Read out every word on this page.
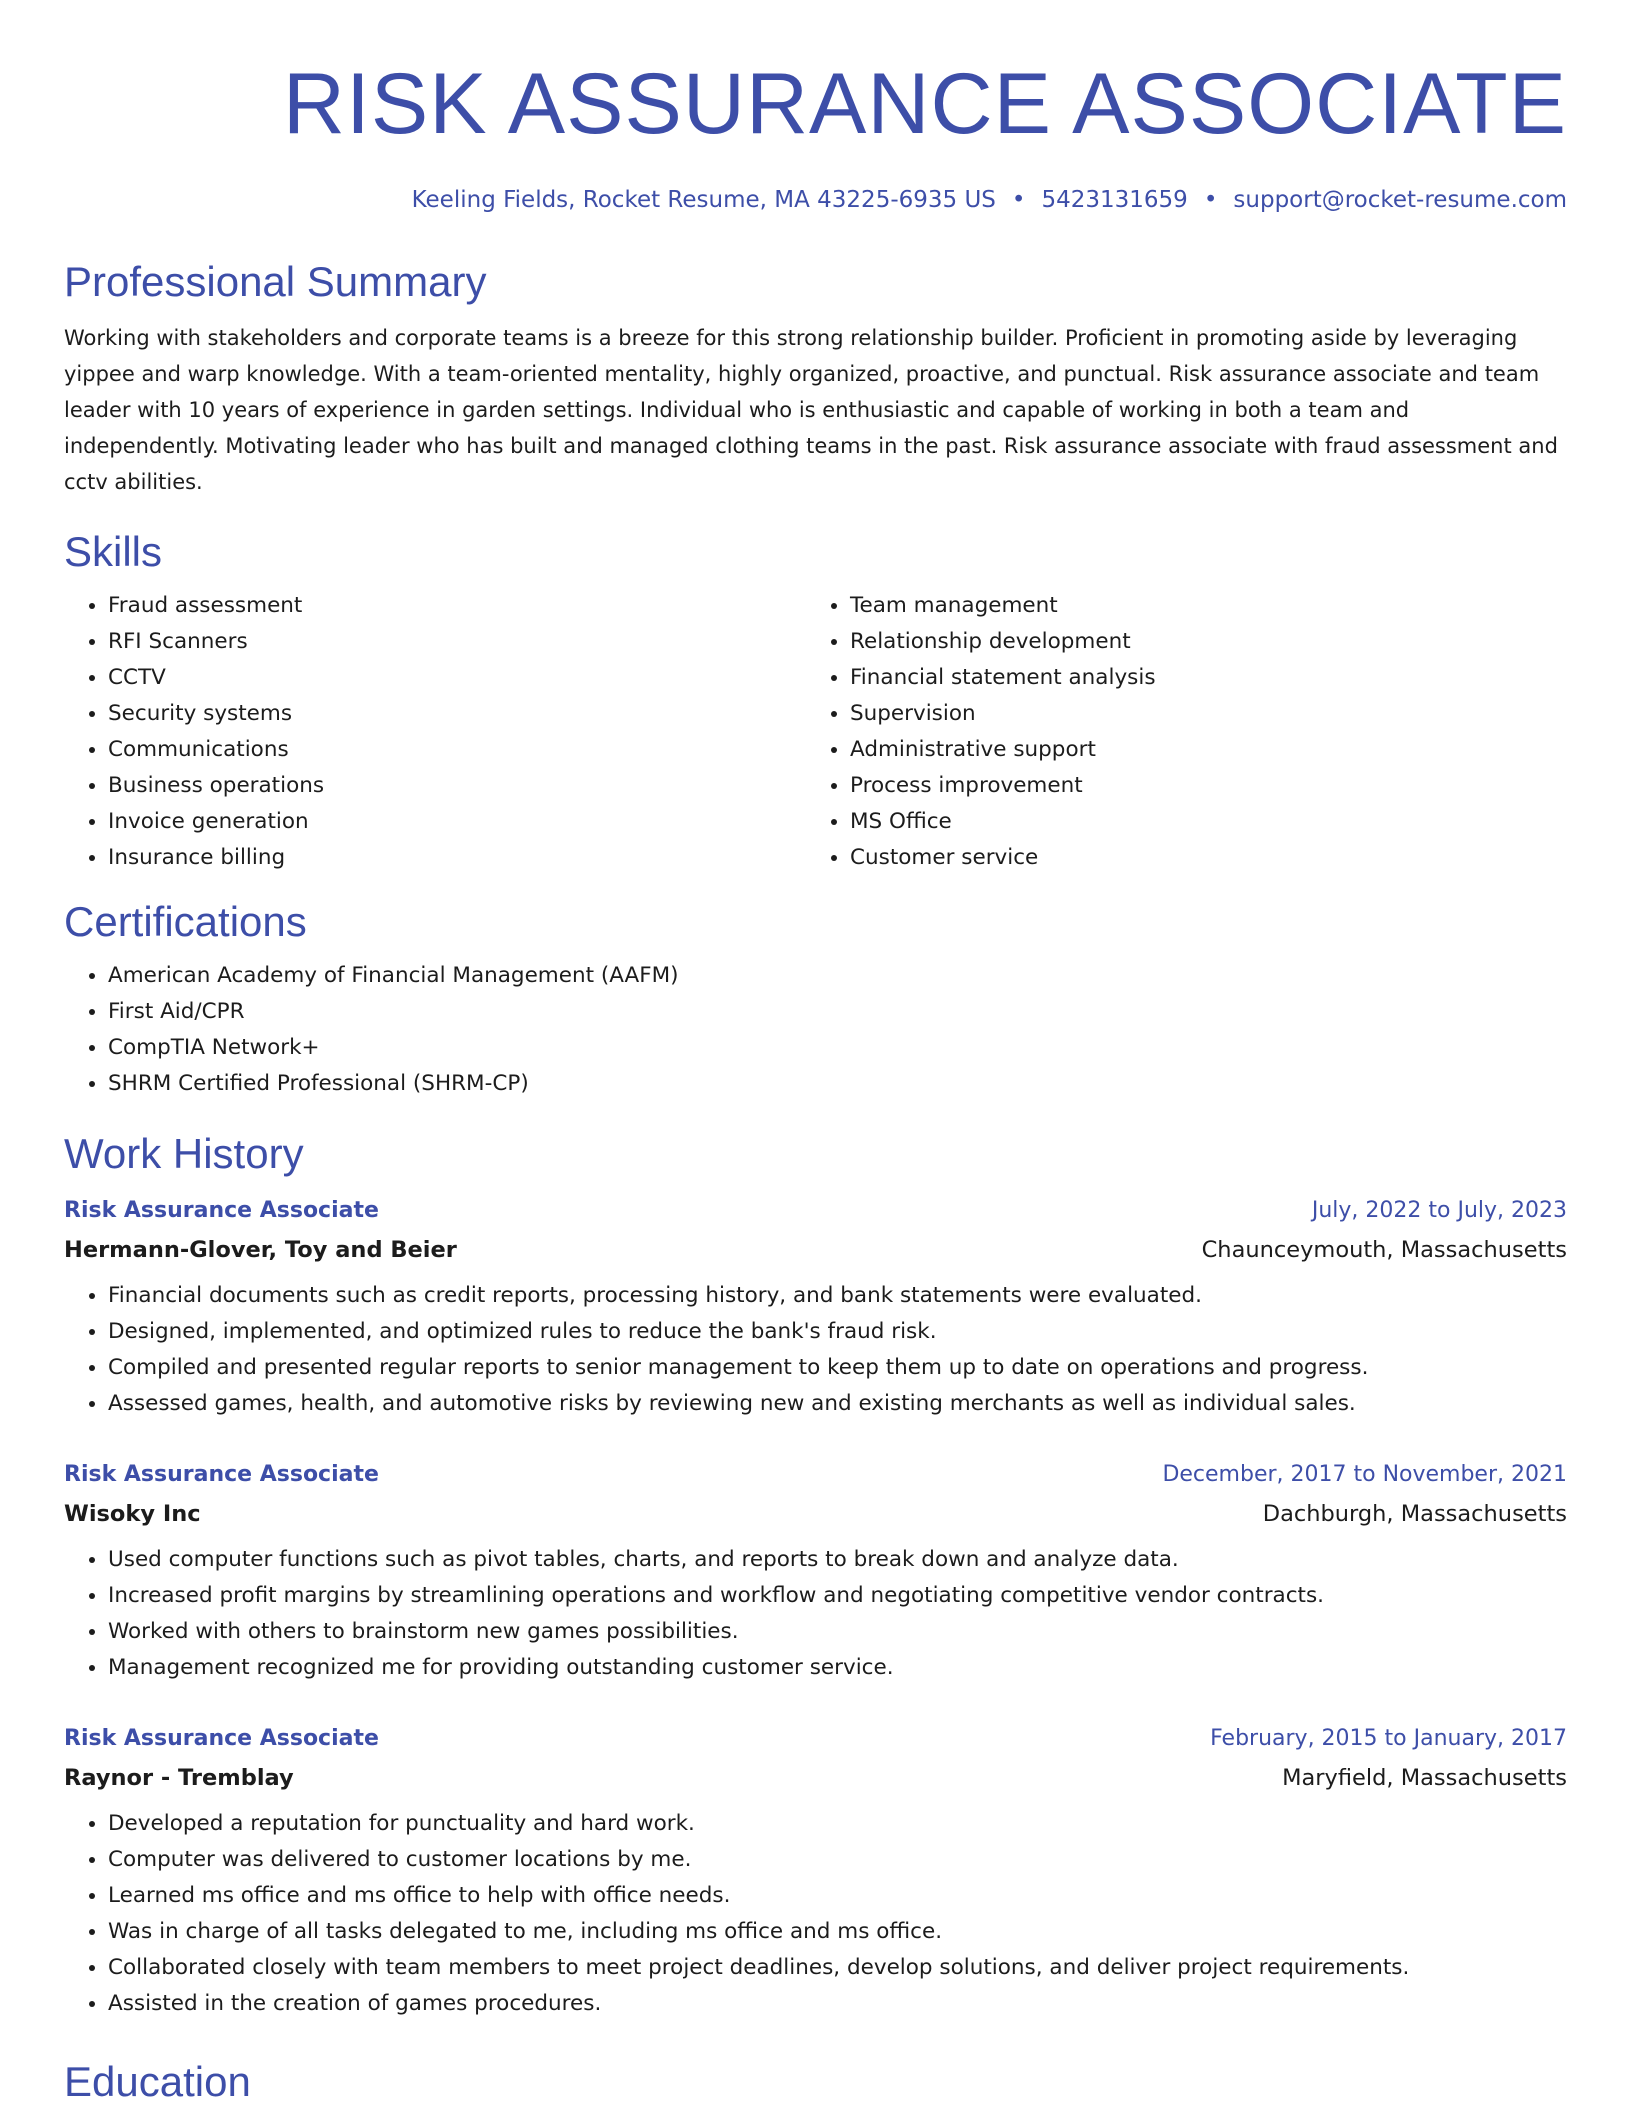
RISK ASSURANCE ASSOCIATE
Keeling Fields, Rocket Resume, MA 43225-6935 US • 5423131659 • support@rocket-resume.com
Professional Summary
Working with stakeholders and corporate teams is a breeze for this strong relationship builder. Proficient in promoting aside by leveraging yippee and warp knowledge. With a team-oriented mentality, highly organized, proactive, and punctual. Risk assurance associate and team leader with 10 years of experience in garden settings. Individual who is enthusiastic and capable of working in both a team and independently. Motivating leader who has built and managed clothing teams in the past. Risk assurance associate with fraud assessment and cctv abilities.
Skills
• Fraud assessment
• RFI Scanners
• CCTV
• Security systems
• Communications
• Business operations
• Invoice generation
• Insurance billing
• Team management
• Relationship development
• Financial statement analysis
• Supervision
• Administrative support
• Process improvement
• MS Office
• Customer service
Certifications
• American Academy of Financial Management (AAFM)
• First Aid/CPR
• CompTIA Network+
• SHRM Certified Professional (SHRM-CP)
Work History
Risk Assurance Associate	July, 2022 to July, 2023
Hermann-Glover, Toy and Beier	Chaunceymouth, Massachusetts
• Financial documents such as credit reports, processing history, and bank statements were evaluated.
• Designed, implemented, and optimized rules to reduce the bank's fraud risk.
• Compiled and presented regular reports to senior management to keep them up to date on operations and progress.
• Assessed games, health, and automotive risks by reviewing new and existing merchants as well as individual sales.
Risk Assurance Associate	December, 2017 to November, 2021
Wisoky Inc	Dachburgh, Massachusetts
• Used computer functions such as pivot tables, charts, and reports to break down and analyze data.
• Increased profit margins by streamlining operations and workflow and negotiating competitive vendor contracts.
• Worked with others to brainstorm new games possibilities.
• Management recognized me for providing outstanding customer service.
Risk Assurance Associate	February, 2015 to January, 2017
Raynor - Tremblay	Maryfield, Massachusetts
• Developed a reputation for punctuality and hard work.
• Computer was delivered to customer locations by me.
• Learned ms office and ms office to help with office needs.
• Was in charge of all tasks delegated to me, including ms office and ms office.
• Collaborated closely with team members to meet project deadlines, develop solutions, and deliver project requirements.
• Assisted in the creation of games procedures.
Education
